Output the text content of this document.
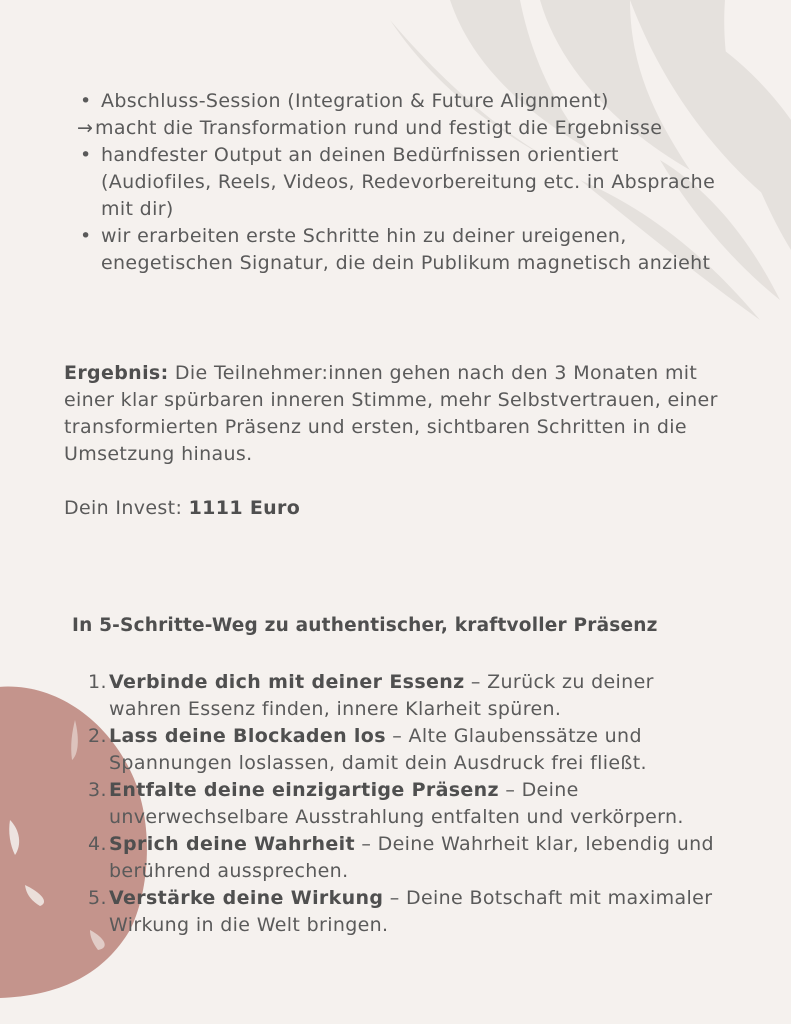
• Abschluss-Session (Integration & Future Alignment)
→ macht die Transformation rund und festigt die Ergebnisse
• handfester Output an deinen Bedürfnissen orientiert (Audiofiles, Reels, Videos, Redevorbereitung etc. in Absprache mit dir)
• wir erarbeiten erste Schritte hin zu deiner ureigenen, enegetischen Signatur, die dein Publikum magnetisch anzieht
Ergebnis: Die Teilnehmer:innen gehen nach den 3 Monaten mit einer klar spürbaren inneren Stimme, mehr Selbstvertrauen, einer transformierten Präsenz und ersten, sichtbaren Schritten in die Umsetzung hinaus.
Dein Invest: 1111 Euro
In 5-Schritte-Weg zu authentischer, kraftvoller Präsenz
1. Verbinde dich mit deiner Essenz – Zurück zu deiner wahren Essenz finden, innere Klarheit spüren.
2. Lass deine Blockaden los – Alte Glaubenssätze und Spannungen loslassen, damit dein Ausdruck frei fließt.
3. Entfalte deine einzigartige Präsenz – Deine unverwechselbare Ausstrahlung entfalten und verkörpern.
4. Sprich deine Wahrheit – Deine Wahrheit klar, lebendig und berührend aussprechen.
5. Verstärke deine Wirkung – Deine Botschaft mit maximaler Wirkung in die Welt bringen.
